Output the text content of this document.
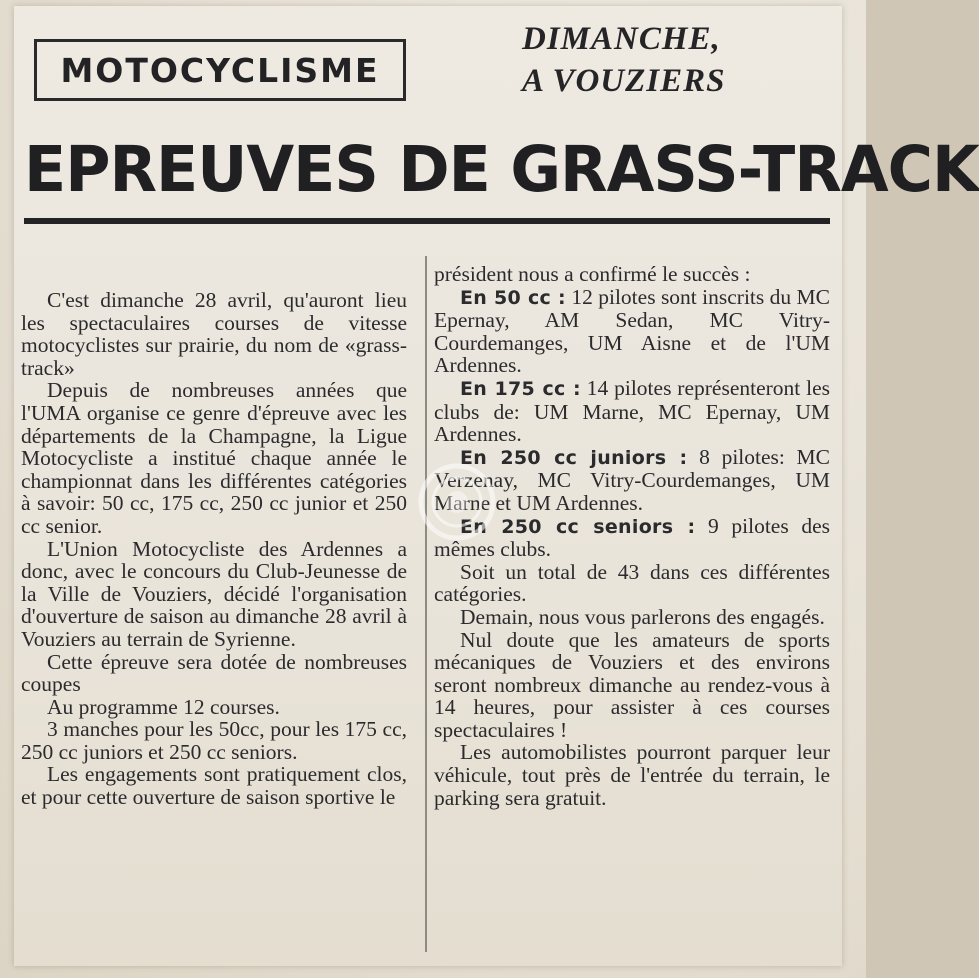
MOTOCYCLISME
DIMANCHE,
A VOUZIERS
EPREUVES DE GRASS-TRACK

C'est dimanche 28 avril, qu'auront lieu les spectaculaires courses de vitesse motocyclistes sur prairie, du nom de «grass-track»

Depuis de nombreuses années que l'UMA organise ce genre d'épreuve avec les départements de la Champagne, la Ligue Motocycliste a institué chaque année le championnat dans les différentes catégories à savoir: 50 cc, 175 cc, 250 cc junior et 250 cc senior.

L'Union Motocycliste des Ardennes a donc, avec le concours du Club-Jeunesse de la Ville de Vouziers, décidé l'organisation d'ouverture de saison au dimanche 28 avril à Vouziers au terrain de Syrienne.

Cette épreuve sera dotée de nombreuses coupes

Au programme 12 courses.

3 manches pour les 50cc, pour les 175 cc, 250 cc juniors et 250 cc seniors.

Les engagements sont pratiquement clos, et pour cette ouverture de saison sportive le

président nous a confirmé le succès :

En 50 cc : 12 pilotes sont inscrits du MC Epernay, AM Sedan, MC Vitry-Courdemanges, UM Aisne et de l'UM Ardennes.

En 175 cc : 14 pilotes représenteront les clubs de: UM Marne, MC Epernay, UM Ardennes.

En 250 cc juniors : 8 pilotes: MC Verzenay, MC Vitry-Courdemanges, UM Marne et UM Ardennes.

En 250 cc seniors : 9 pilotes des mêmes clubs.

Soit un total de 43 dans ces différentes catégories.

Demain, nous vous parlerons des engagés.

Nul doute que les amateurs de sports mécaniques de Vouziers et des environs seront nombreux dimanche au rendez-vous à 14 heures, pour assister à ces courses spectaculaires !

Les automobilistes pourront parquer leur véhicule, tout près de l'entrée du terrain, le parking sera gratuit.
